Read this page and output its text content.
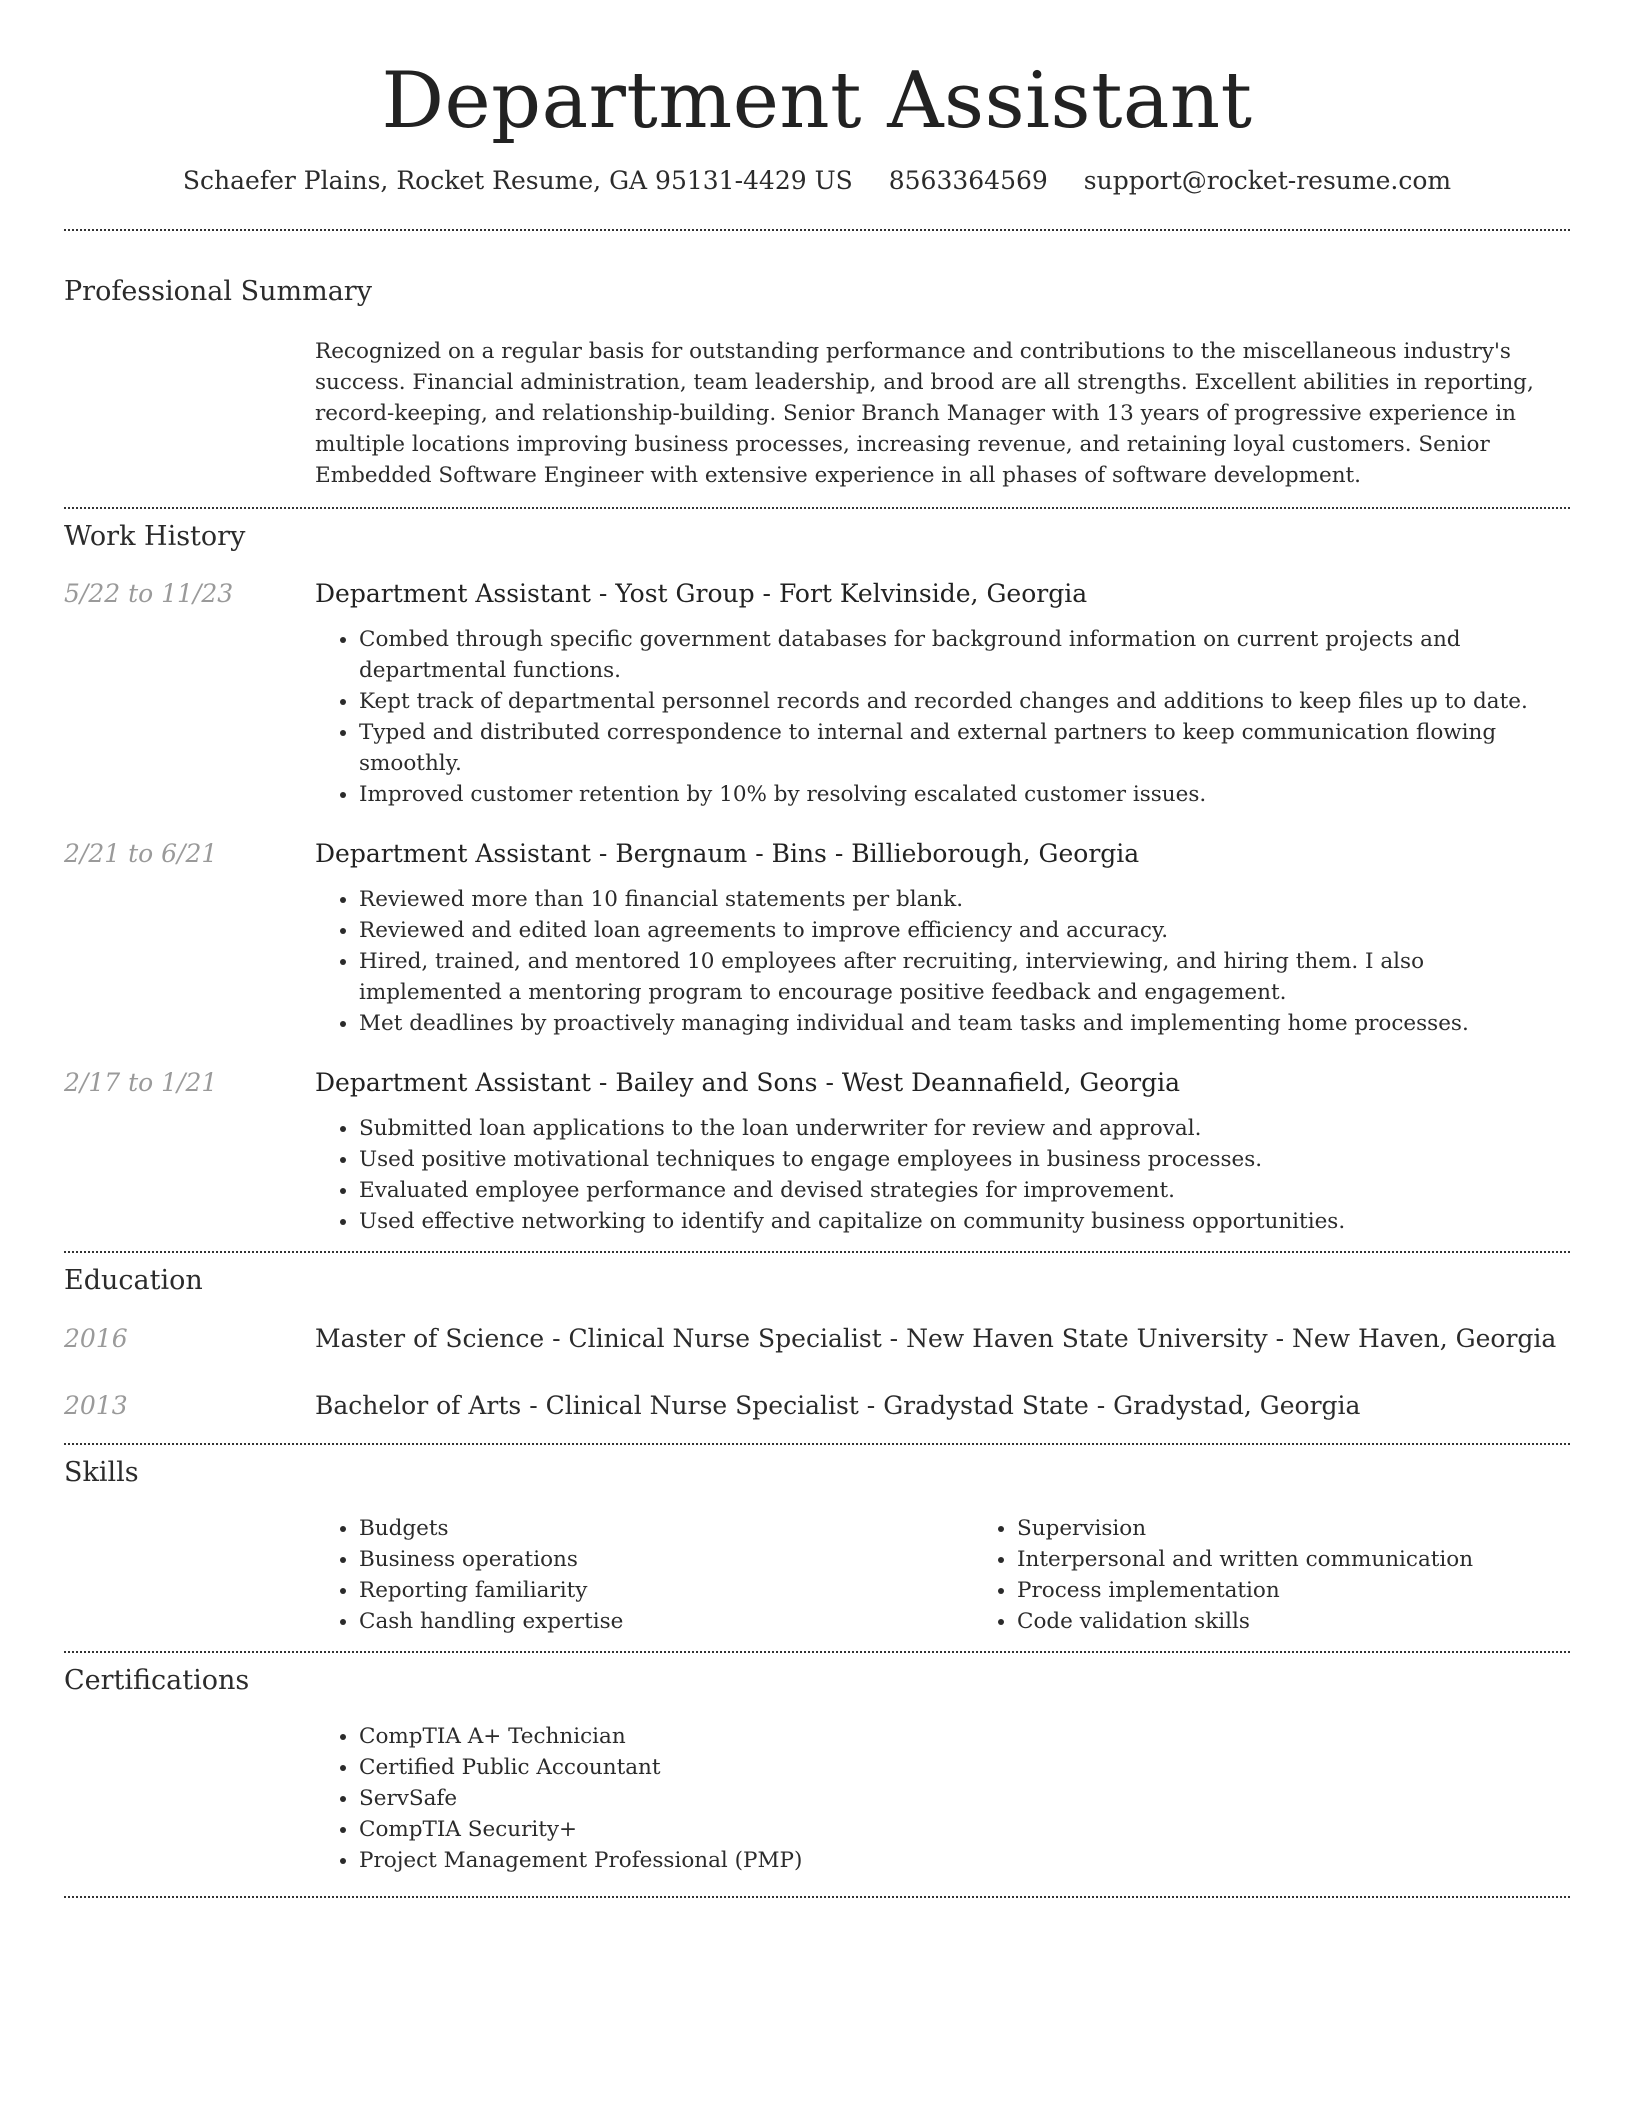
Department Assistant
Schaefer Plains, Rocket Resume, GA 95131-4429 US 8563364569 support@rocket-resume.com
Professional Summary
Recognized on a regular basis for outstanding performance and contributions to the miscellaneous industry's success. Financial administration, team leadership, and brood are all strengths. Excellent abilities in reporting, record-keeping, and relationship-building. Senior Branch Manager with 13 years of progressive experience in multiple locations improving business processes, increasing revenue, and retaining loyal customers. Senior Embedded Software Engineer with extensive experience in all phases of software development.
Work History
5/22 to 11/23	Department Assistant - Yost Group - Fort Kelvinside, Georgia
• Combed through specific government databases for background information on current projects and departmental functions.
• Kept track of departmental personnel records and recorded changes and additions to keep files up to date.
• Typed and distributed correspondence to internal and external partners to keep communication flowing smoothly.
• Improved customer retention by 10% by resolving escalated customer issues.
2/21 to 6/21	Department Assistant - Bergnaum - Bins - Billieborough, Georgia
• Reviewed more than 10 financial statements per blank.
• Reviewed and edited loan agreements to improve efficiency and accuracy.
• Hired, trained, and mentored 10 employees after recruiting, interviewing, and hiring them. I also implemented a mentoring program to encourage positive feedback and engagement.
• Met deadlines by proactively managing individual and team tasks and implementing home processes.
2/17 to 1/21	Department Assistant - Bailey and Sons - West Deannafield, Georgia
• Submitted loan applications to the loan underwriter for review and approval.
• Used positive motivational techniques to engage employees in business processes.
• Evaluated employee performance and devised strategies for improvement.
• Used effective networking to identify and capitalize on community business opportunities.
Education
2016	Master of Science - Clinical Nurse Specialist - New Haven State University - New Haven, Georgia
2013	Bachelor of Arts - Clinical Nurse Specialist - Gradystad State - Gradystad, Georgia
Skills
• Budgets
• Business operations
• Reporting familiarity
• Cash handling expertise
• Supervision
• Interpersonal and written communication
• Process implementation
• Code validation skills
Certifications
• CompTIA A+ Technician
• Certified Public Accountant
• ServSafe
• CompTIA Security+
• Project Management Professional (PMP)
